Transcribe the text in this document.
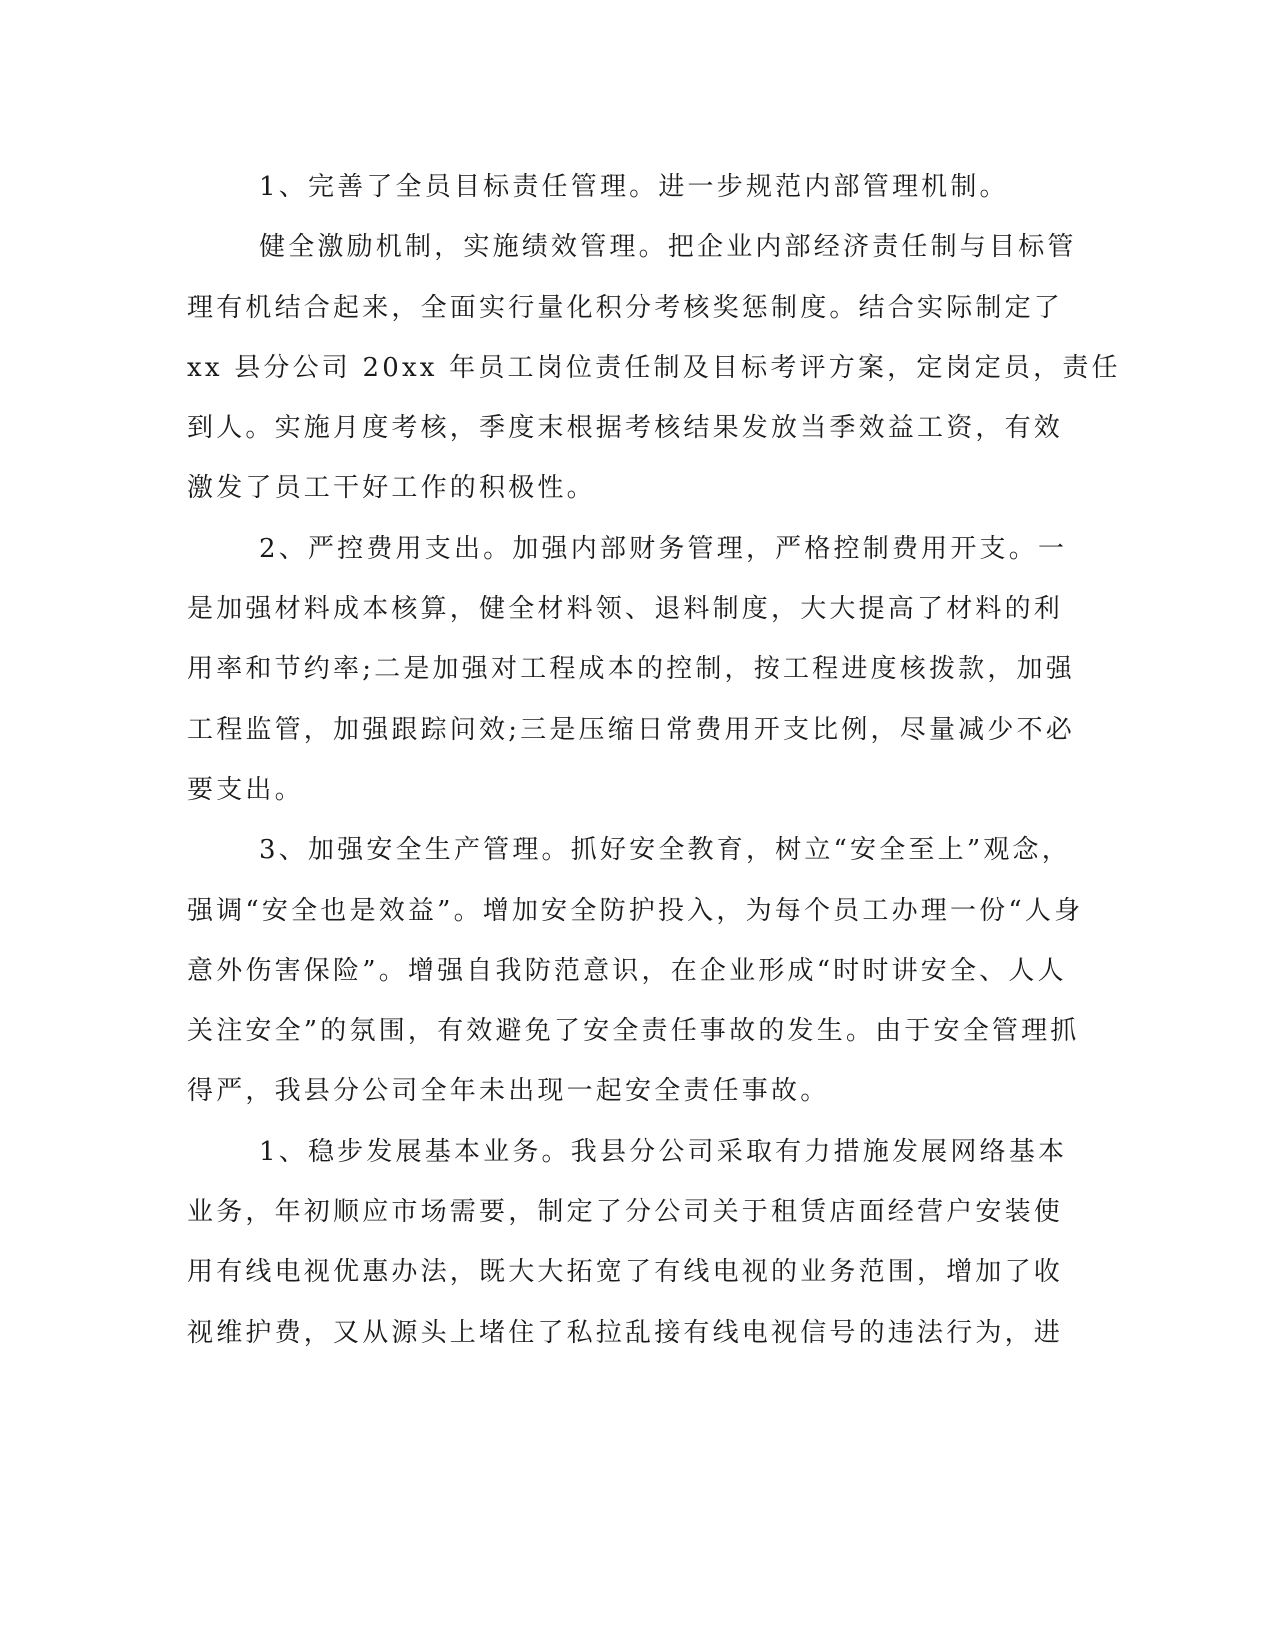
1、完善了全员目标责任管理。进一步规范内部管理机制。
健全激励机制，实施绩效管理。把企业内部经济责任制与目标管
理有机结合起来，全面实行量化积分考核奖惩制度。结合实际制定了
xx 县分公司 20xx 年员工岗位责任制及目标考评方案，定岗定员，责任
到人。实施月度考核，季度末根据考核结果发放当季效益工资，有效
激发了员工干好工作的积极性。
2、严控费用支出。加强内部财务管理，严格控制费用开支。一
是加强材料成本核算，健全材料领、退料制度，大大提高了材料的利
用率和节约率;二是加强对工程成本的控制，按工程进度核拨款，加强
工程监管，加强跟踪问效;三是压缩日常费用开支比例，尽量减少不必
要支出。
3、加强安全生产管理。抓好安全教育，树立“安全至上”观念，
强调“安全也是效益”。增加安全防护投入，为每个员工办理一份“人身
意外伤害保险”。增强自我防范意识，在企业形成“时时讲安全、人人
关注安全”的氛围，有效避免了安全责任事故的发生。由于安全管理抓
得严，我县分公司全年未出现一起安全责任事故。
1、稳步发展基本业务。我县分公司采取有力措施发展网络基本
业务，年初顺应市场需要，制定了分公司关于租赁店面经营户安装使
用有线电视优惠办法，既大大拓宽了有线电视的业务范围，增加了收
视维护费，又从源头上堵住了私拉乱接有线电视信号的违法行为，进
